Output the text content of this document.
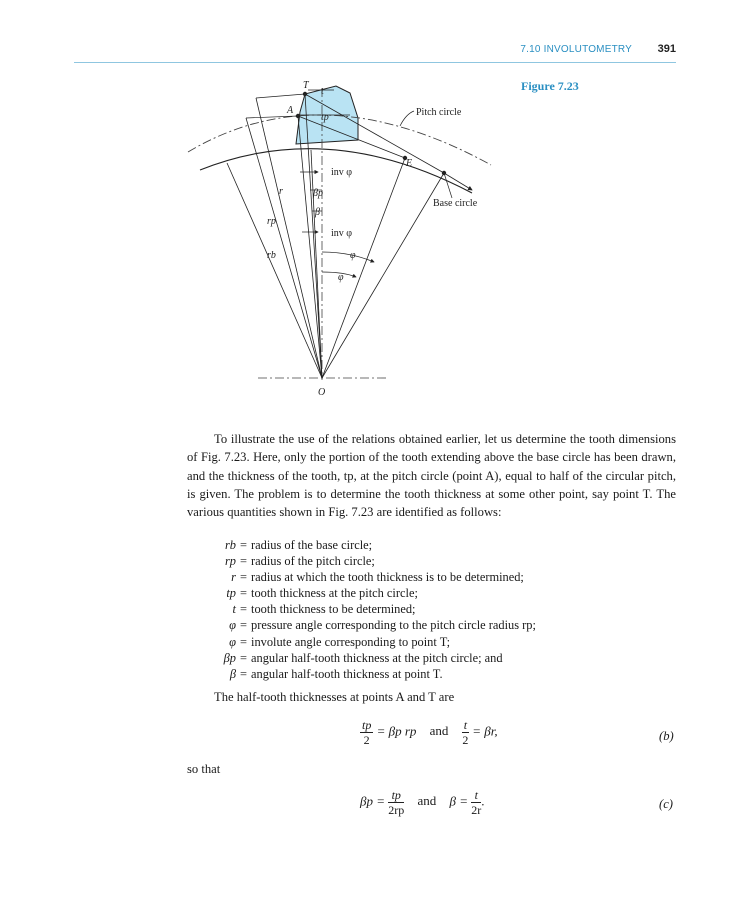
7.10 INVOLUTOMETRY 391
Figure 7.23
T
A
t
tp	Pitch circle
E
Base circle
inv φ
r	βp
β
rp
inv φ
rb	φ
φ
O

To illustrate the use of the relations obtained earlier, let us determine the tooth dimensions of Fig. 7.23. Here, only the portion of the tooth extending above the base circle has been drawn, and the thickness of the tooth, tp, at the pitch circle (point A), equal to half of the circular pitch, is given. The problem is to determine the tooth thickness at some other point, say point T. The various quantities shown in Fig. 7.23 are identified as follows:

rb = radius of the base circle;
rp = radius of the pitch circle;
r = radius at which the tooth thickness is to be determined;
tp = tooth thickness at the pitch circle;
t = tooth thickness to be determined;
φ = pressure angle corresponding to the pitch circle radius rp;
φ = involute angle corresponding to point T;
βp = angular half-tooth thickness at the pitch circle; and
β = angular half-tooth thickness at point T.
The half-tooth thicknesses at points A and T are
$\frac{tp}{2} = \beta p$ rp and $\frac{t}{2} = \beta r$,	(b)
so that
$\beta p = \frac{tp}{2rp}$ and $\beta = \frac{t}{2r}$ .	(c)
